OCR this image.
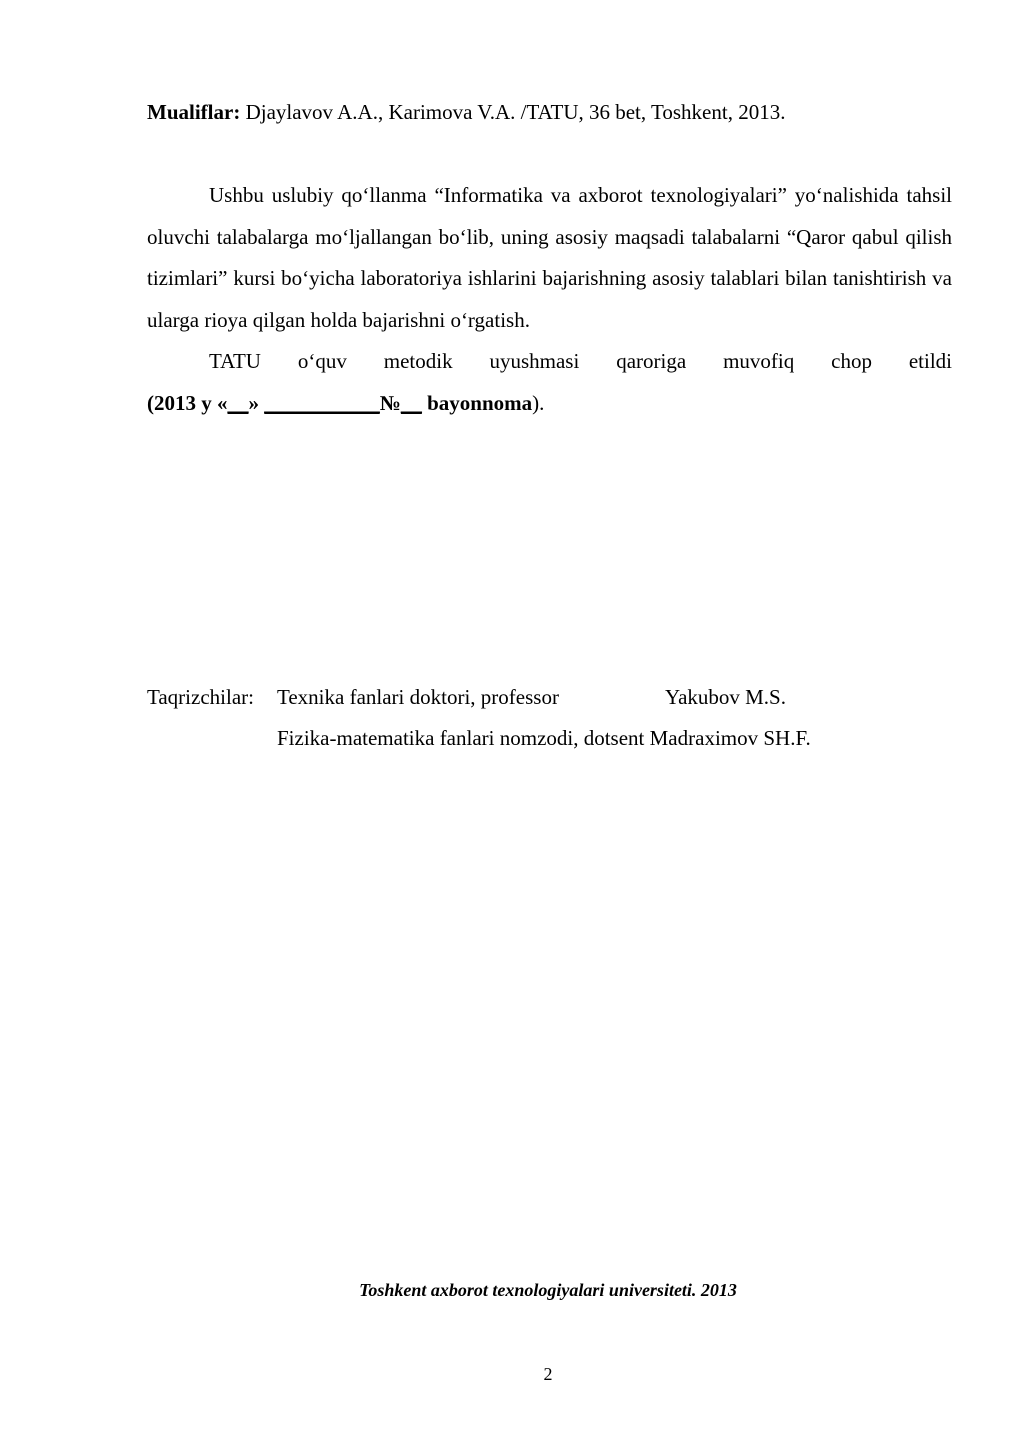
Mualiflar: Djaylavov A.A., Karimova V.A. /TATU, 36 bet, Toshkent, 2013.

Ushbu uslubiy qo‘llanma “Informatika va axborot texnologiyalari” yo‘nalishida tahsil oluvchi talabalarga mo‘ljallangan bo‘lib, uning asosiy maqsadi talabalarni “Qaror qabul qilish tizimlari” kursi bo‘yicha laboratoriya ishlarini bajarishning asosiy talablari bilan tanishtirish va ularga rioya qilgan holda bajarishni o‘rgatish.

TATU o‘quv metodik uyushmasi qaroriga muvofiq chop etildi

(2013 y «__» ___________№__ bayonnoma).

Taqrizchilar: Texnika fanlari doktori, professor	Yakubov M.S.
Fizika-matematika fanlari nomzodi, dotsent Madraximov SH.F.
Toshkent axborot texnologiyalari universiteti. 2013
2
